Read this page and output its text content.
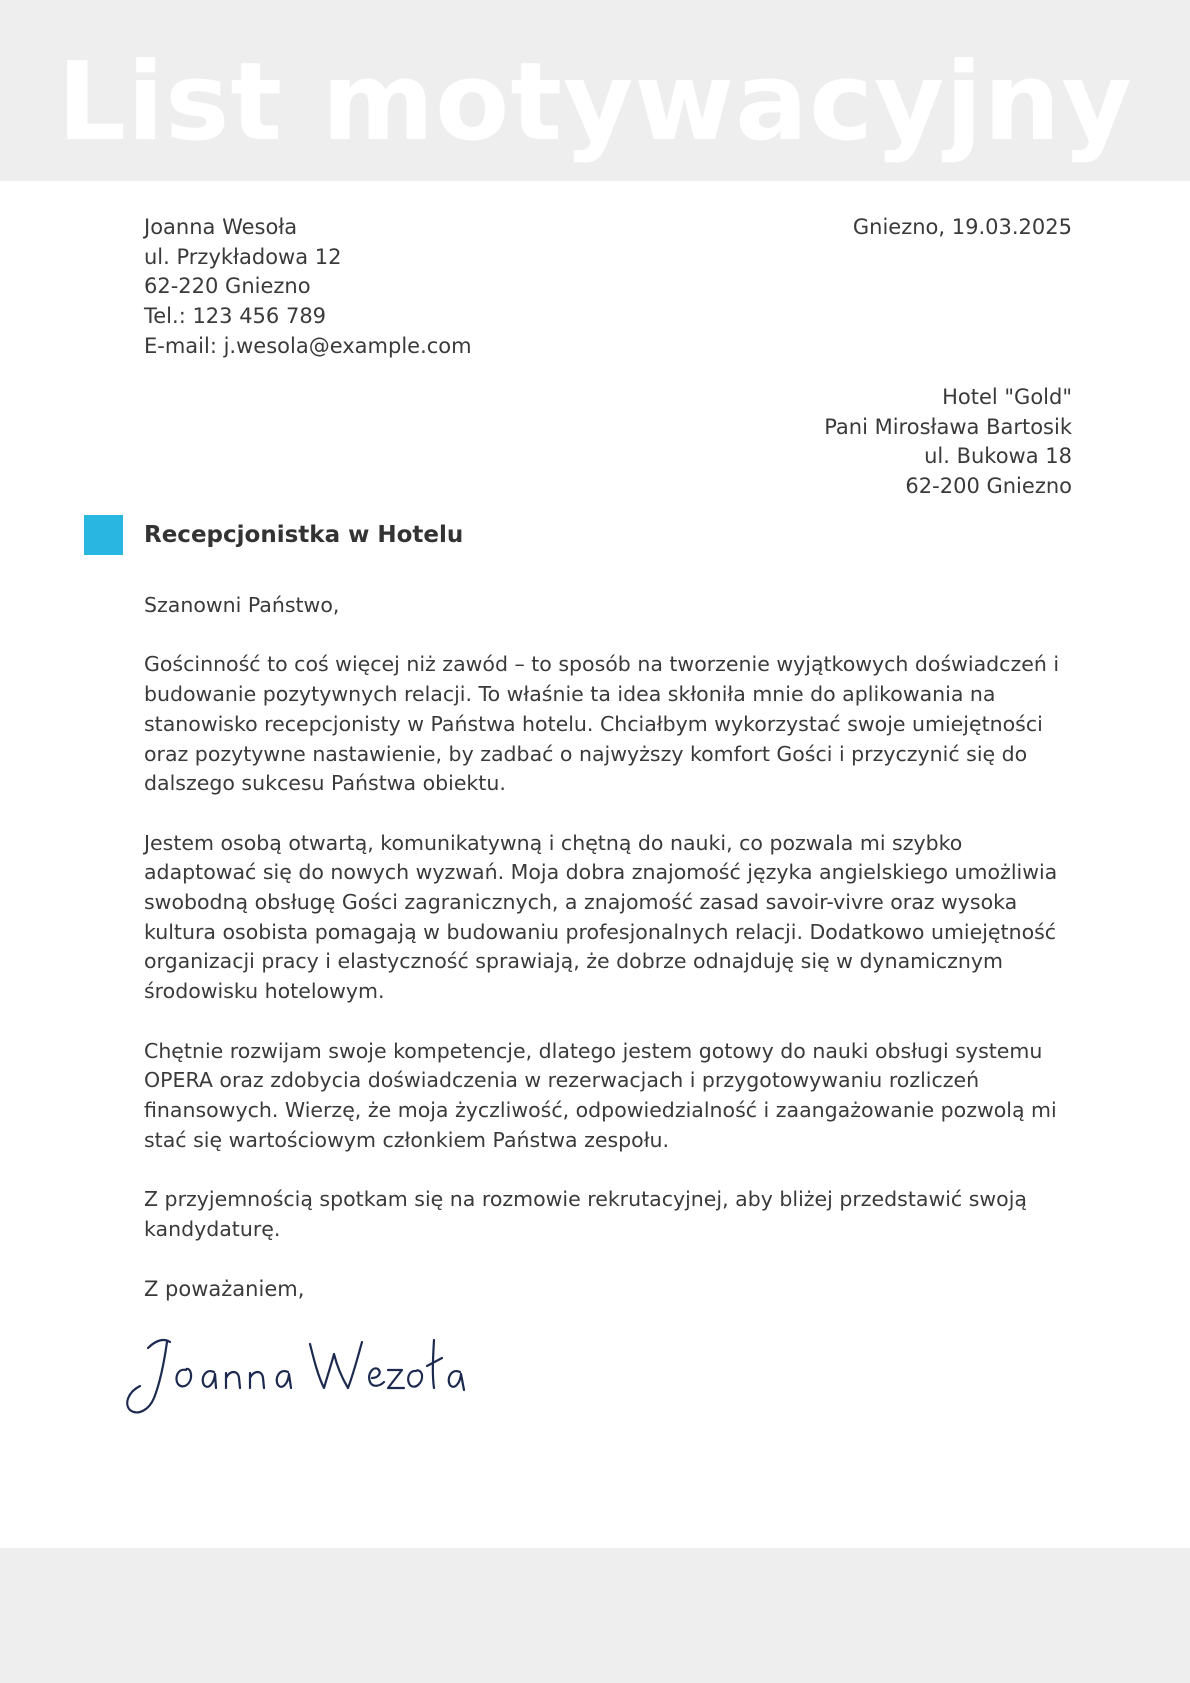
List motywacyjny
Joanna Wesoła
ul. Przykładowa 12
62-220 Gniezno
Tel.: 123 456 789
E-mail: j.wesola@example.com
Gniezno, 19.03.2025
Hotel "Gold"
Pani Mirosława Bartosik
ul. Bukowa 18
62-200 Gniezno
Recepcjonistka w Hotelu

Szanowni Państwo,

Gościnność to coś więcej niż zawód – to sposób na tworzenie wyjątkowych doświadczeń i budowanie pozytywnych relacji. To właśnie ta idea skłoniła mnie do aplikowania na stanowisko recepcjonisty w Państwa hotelu. Chciałbym wykorzystać swoje umiejętności oraz pozytywne nastawienie, by zadbać o najwyższy komfort Gości i przyczynić się do dalszego sukcesu Państwa obiektu.

Jestem osobą otwartą, komunikatywną i chętną do nauki, co pozwala mi szybko adaptować się do nowych wyzwań. Moja dobra znajomość języka angielskiego umożliwia swobodną obsługę Gości zagranicznych, a znajomość zasad savoir-vivre oraz wysoka kultura osobista pomagają w budowaniu profesjonalnych relacji. Dodatkowo umiejętność organizacji pracy i elastyczność sprawiają, że dobrze odnajduję się w dynamicznym środowisku hotelowym.

Chętnie rozwijam swoje kompetencje, dlatego jestem gotowy do nauki obsługi systemu OPERA oraz zdobycia doświadczenia w rezerwacjach i przygotowywaniu rozliczeń finansowych. Wierzę, że moja życzliwość, odpowiedzialność i zaangażowanie pozwolą mi stać się wartościowym członkiem Państwa zespołu.

Z przyjemnością spotkam się na rozmowie rekrutacyjnej, aby bliżej przedstawić swoją kandydaturę.

Z poważaniem,
